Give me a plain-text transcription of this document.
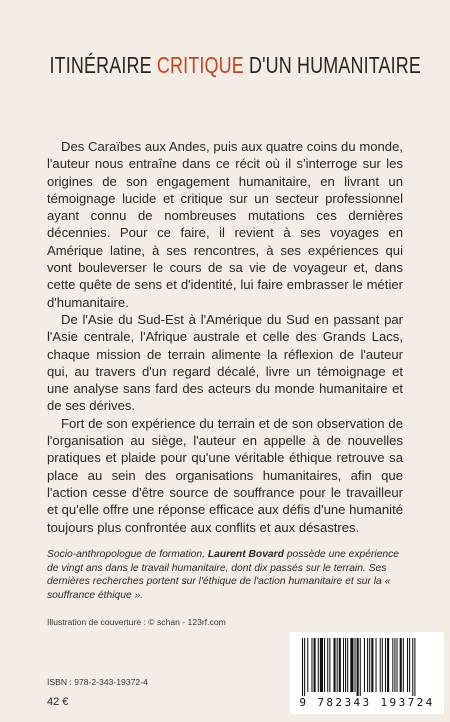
ITINÉRAIRE CRITIQUE D'UN HUMANITAIRE

Des Caraïbes aux Andes, puis aux quatre coins du monde, l'auteur nous entraîne dans ce récit où il s'interroge sur les origines de son engagement humanitaire, en livrant un témoignage lucide et critique sur un secteur professionnel ayant connu de nombreuses mutations ces dernières décennies. Pour ce faire, il revient à ses voyages en Amérique latine, à ses rencontres, à ses expériences qui vont bouleverser le cours de sa vie de voyageur et, dans cette quête de sens et d'identité, lui faire embrasser le métier d'humanitaire.

De l'Asie du Sud-Est à l'Amérique du Sud en passant par l'Asie centrale, l'Afrique australe et celle des Grands Lacs, chaque mission de terrain alimente la réflexion de l'auteur qui, au travers d'un regard décalé, livre un témoignage et une analyse sans fard des acteurs du monde humanitaire et de ses dérives.

Fort de son expérience du terrain et de son observation de l'organisation au siège, l'auteur en appelle à de nouvelles pratiques et plaide pour qu'une véritable éthique retrouve sa place au sein des organisations humanitaires, afin que l'action cesse d'être source de souffrance pour le travailleur et qu'elle offre une réponse efficace aux défis d'une humanité toujours plus confrontée aux conflits et aux désastres.

Socio-anthropologue de formation, Laurent Bovard possède une expérience de vingt ans dans le travail humanitaire, dont dix passés sur le terrain. Ses dernières recherches portent sur l'éthique de l'action humanitaire et sur la « souffrance éthique ».
Illustration de couverture : © schan - 123rf.com
ISBN : 978-2-343-19372-4
42 €	9 782343 193724
